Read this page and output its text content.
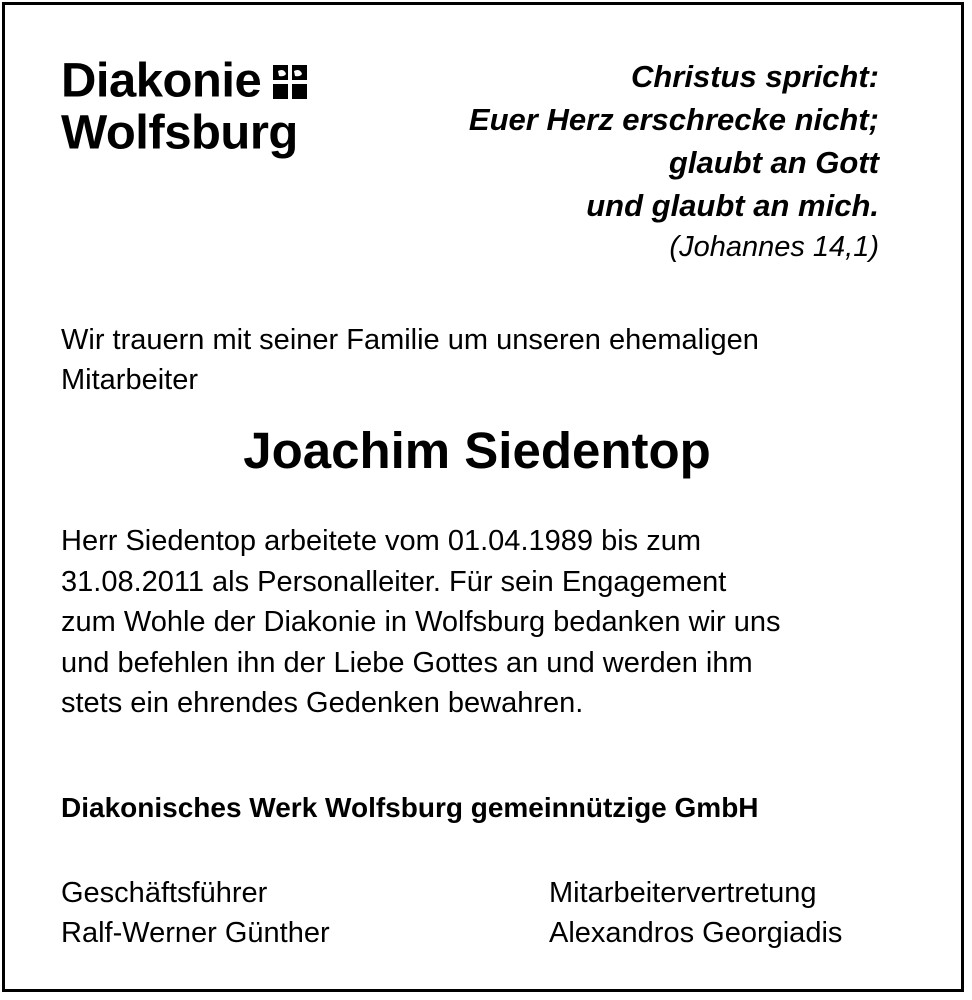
Diakonie
Wolfsburg
Christus spricht:
Euer Herz erschrecke nicht;
glaubt an Gott
und glaubt an mich.
(Johannes 14,1)
Wir trauern mit seiner Familie um unseren ehemaligen
Mitarbeiter
Joachim Siedentop
Herr Siedentop arbeitete vom 01.04.1989 bis zum
31.08.2011 als Personalleiter. Für sein Engagement
zum Wohle der Diakonie in Wolfsburg bedanken wir uns
und befehlen ihn der Liebe Gottes an und werden ihm
stets ein ehrendes Gedenken bewahren.
Diakonisches Werk Wolfsburg gemeinnützige GmbH
Geschäftsführer
Ralf-Werner Günther
Mitarbeitervertretung
Alexandros Georgiadis
